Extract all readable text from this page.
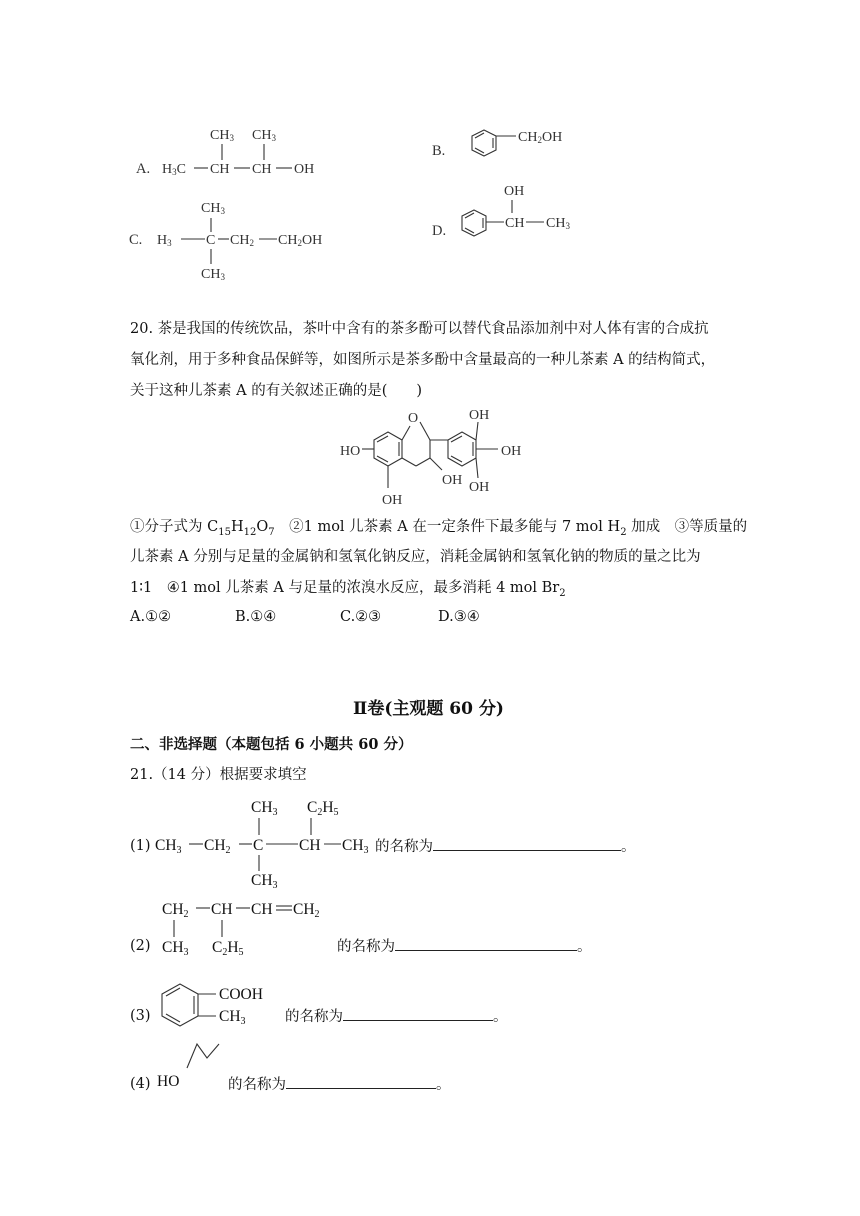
A.
CH3 CH3
H3C CH CH OH
B.
CH2OH
C.
CH3
H3 C CH2 CH2OH
CH3
D.
OH
CH CH3
20. 茶是我国的传统饮品，茶叶中含有的茶多酚可以替代食品添加剂中对人体有害的合成抗
氧化剂，用于多种食品保鲜等，如图所示是茶多酚中含量最高的一种儿茶素 A 的结构简式，
关于这种儿茶素 A 的有关叙述正确的是(　　)
HO
O	OH
OH
OH
OH
OH
①分子式为 $C_{15}H_{12}O_7$　②1 mol 儿茶素 A 在一定条件下最多能与 7 mol $H_2$ 加成　③等质量的
儿茶素 A 分别与足量的金属钠和氢氧化钠反应，消耗金属钠和氢氧化钠的物质的量之比为
1∶1　④1 mol 儿茶素 A 与足量的浓溴水反应，最多消耗 4 mol $Br_2$
A.①②	B.①④	C.②③	D.③④
Ⅱ卷(主观题 60 分)
二、非选择题（本题包括 6 小题共 60 分）
21.（14 分）根据要求填空
(1)
CH3 C2H5
CH3 CH2 C CH CH3
CH3
的名称为	。
(2)
CH2 CH CH CH2
CH3 C2H5	的名称为	。
(3)
COOH
CH3	的名称为	。
(4) HO	的名称为	。
